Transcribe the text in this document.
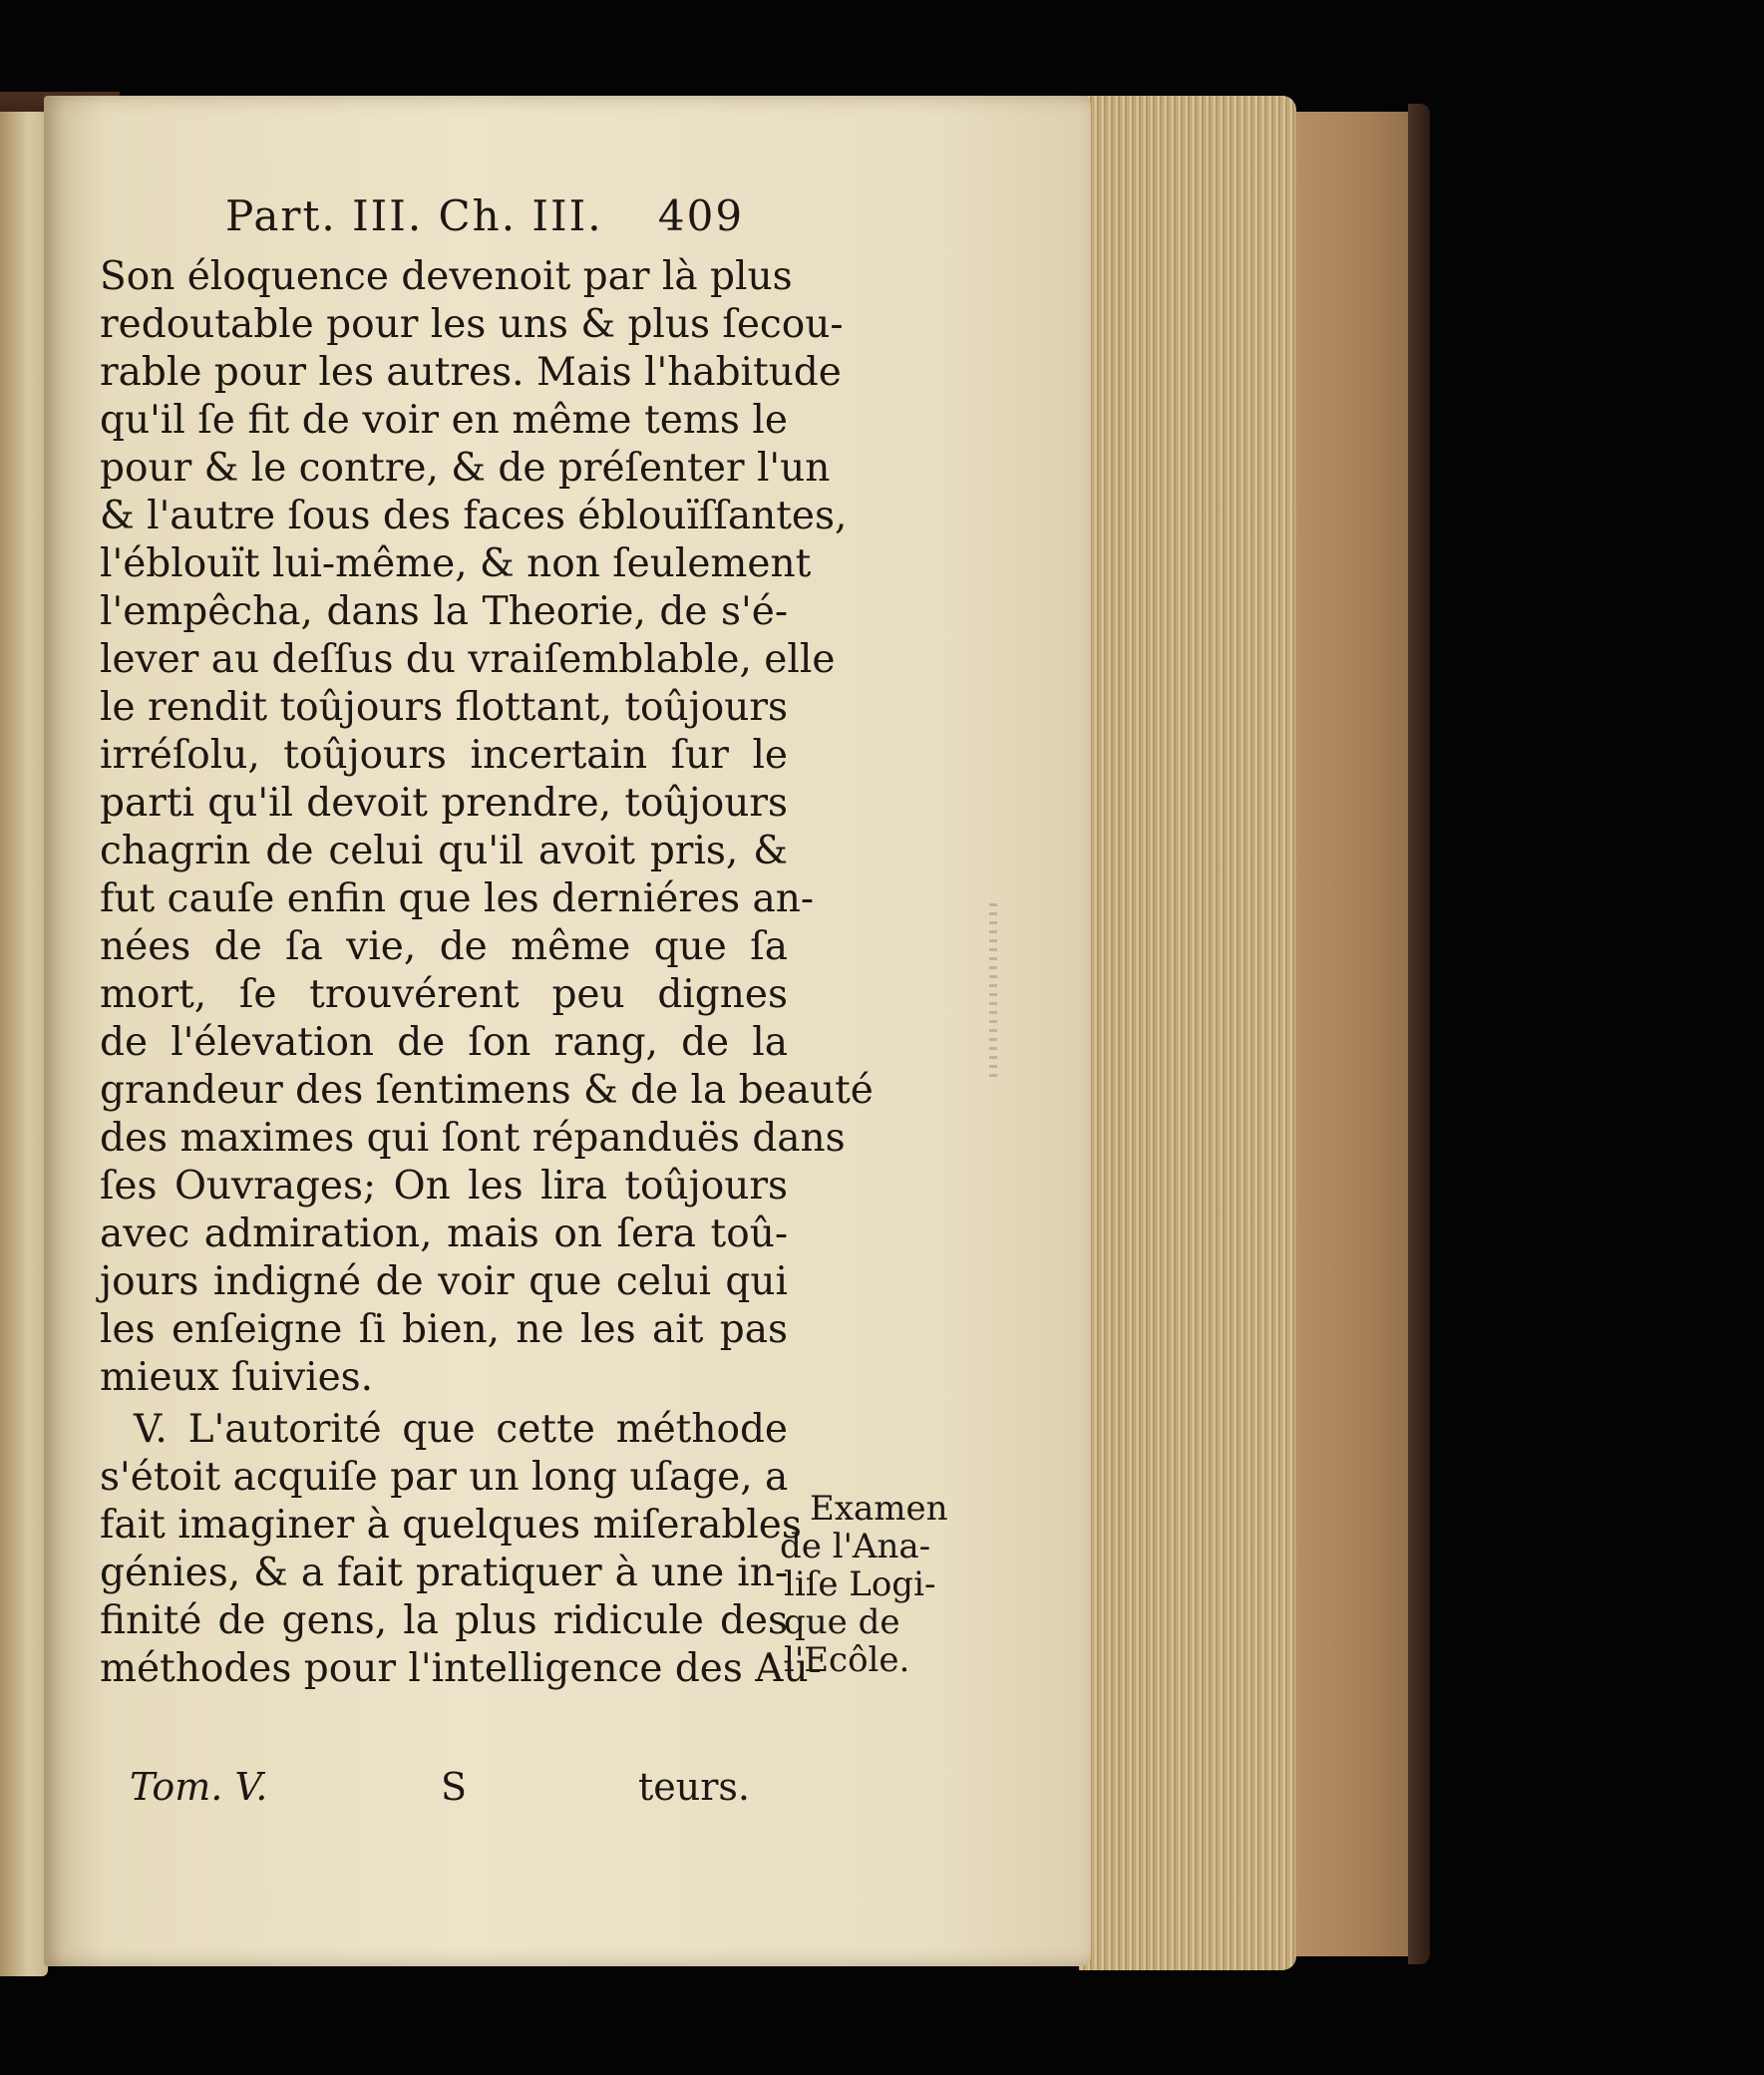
Part. III. Ch. III. 409
Son éloquence devenoit par là plus
redoutable pour les uns & plus ſecou-
rable pour les autres. Mais l'habitude
qu'il ſe fit de voir en même tems le
pour & le contre, & de préſenter l'un
& l'autre ſous des faces éblouïſſantes,
l'éblouït lui-même, & non ſeulement
l'empêcha, dans la Theorie, de s'é-
lever au deſſus du vraiſemblable, elle
le rendit toûjours flottant, toûjours
irréſolu, toûjours incertain ſur le
parti qu'il devoit prendre, toûjours
chagrin de celui qu'il avoit pris, &
fut cauſe enfin que les derniéres an-
nées de ſa vie, de même que ſa
mort, ſe trouvérent peu dignes
de l'élevation de ſon rang, de la
grandeur des ſentimens & de la beauté
des maximes qui ſont répanduës dans
ſes Ouvrages; On les lira toûjours
avec admiration, mais on ſera toû-
jours indigné de voir que celui qui
les enſeigne ſi bien, ne les ait pas
mieux ſuivies.
V. L'autorité que cette méthode
s'étoit acquiſe par un long uſage, a
fait imaginer à quelques miſerables
génies, & a fait pratiquer à une in-
finité de gens, la plus ridicule des
méthodes pour l'intelligence des Au-
Examen
de l'Ana-
liſe Logi-
que de
l'Ecôle.
Tom. V.	S	teurs.
